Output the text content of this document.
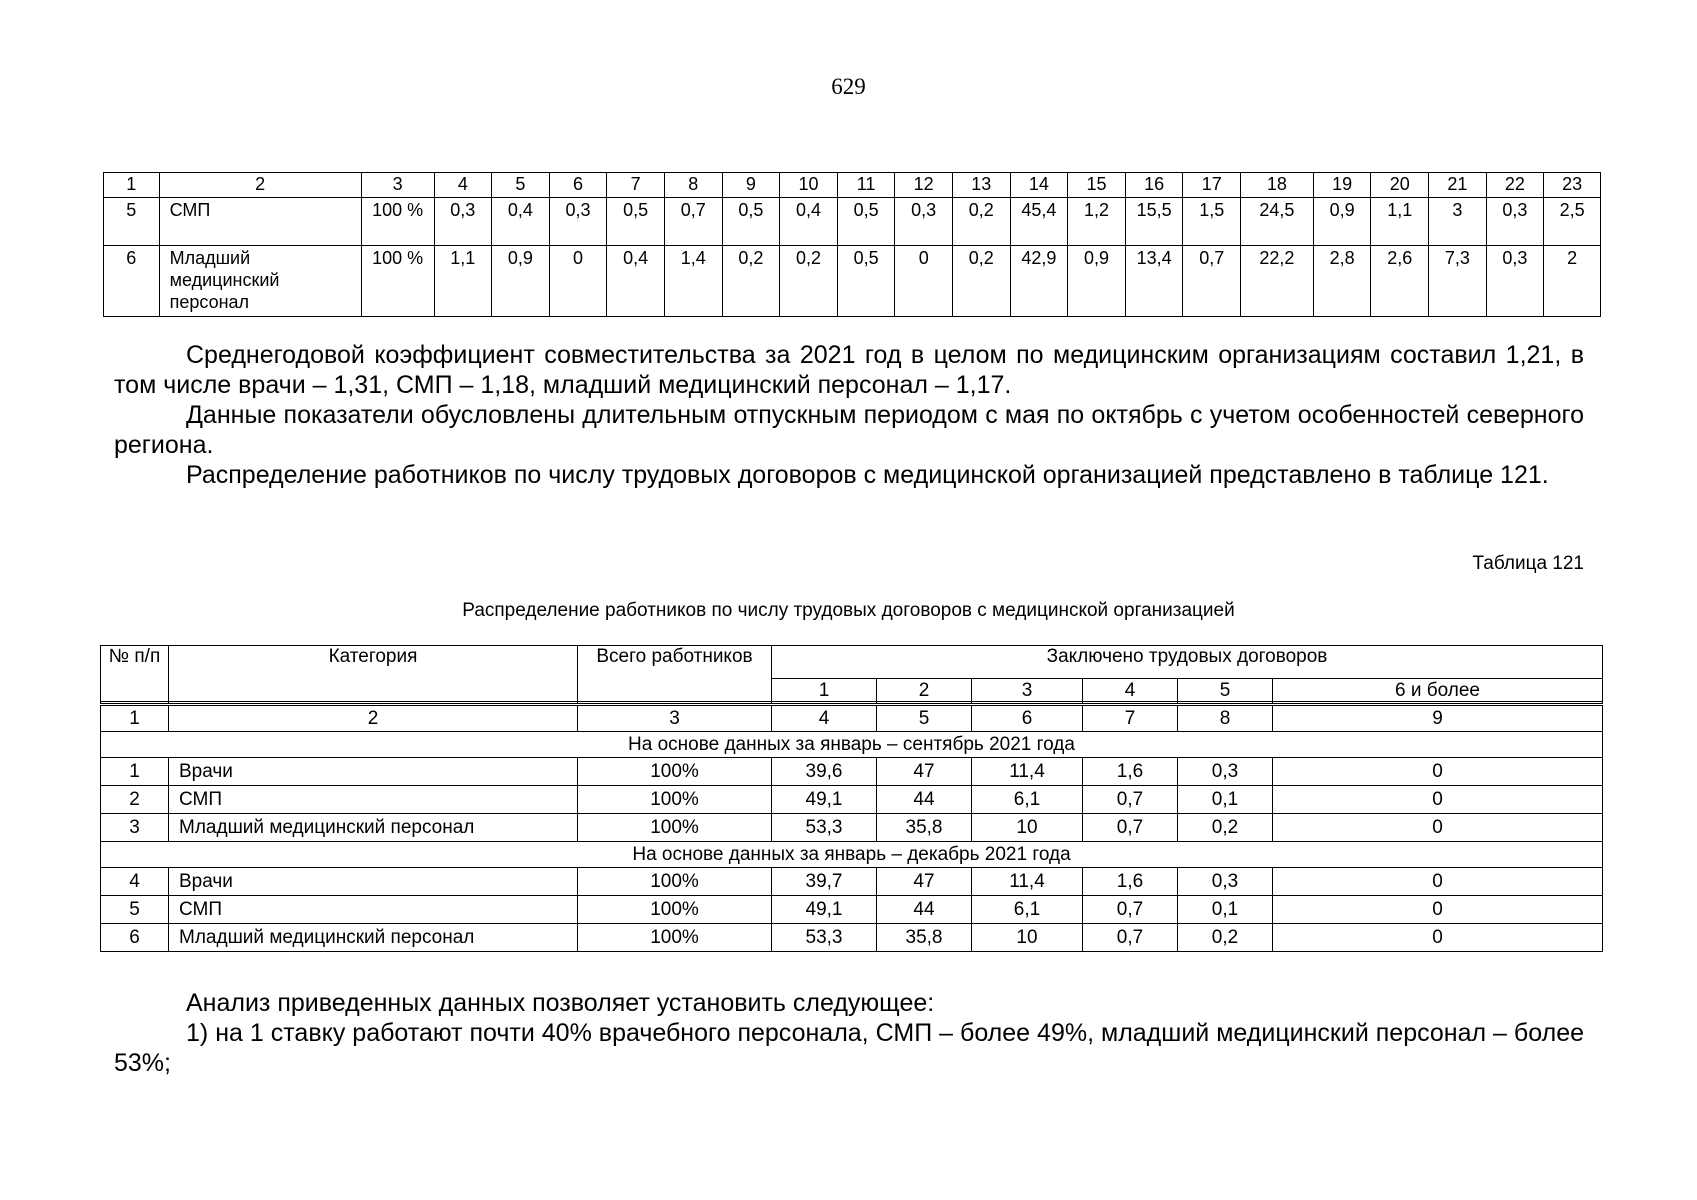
629
1	2	3	4	5	6	7	8	9	10	11	12	13	14	15	16	17	18	19	20	21	22	23
5	СМП	100 %	0,3	0,4	0,3	0,5	0,7	0,5	0,4	0,5	0,3	0,2	45,4	1,2	15,5	1,5	24,5	0,9	1,1	3	0,3	2,5
6	Младший медицинский персонал	100 %	1,1	0,9	0	0,4	1,4	0,2	0,2	0,5	0	0,2	42,9	0,9	13,4	0,7	22,2	2,8	2,6	7,3	0,3	2

Среднегодовой коэффициент совместительства за 2021 год в целом по медицинским организациям составил 1,21, в том числе врачи – 1,31, СМП – 1,18, младший медицинский персонал – 1,17.

Данные показатели обусловлены длительным отпускным периодом с мая по октябрь с учетом особенностей северного региона.

Распределение работников по числу трудовых договоров с медицинской организацией представлено в таблице 121.

Таблица 121
Распределение работников по числу трудовых договоров с медицинской организацией
№ п/п	Категория	Всего работников	Заключено трудовых договоров					
			1	2	3	4	5	6 и более
1	2	3	4	5	6	7	8	9
На основе данных за январь – сентябрь 2021 года								
1	Врачи	100%	39,6	47	11,4	1,6	0,3	0
2	СМП	100%	49,1	44	6,1	0,7	0,1	0
3	Младший медицинский персонал	100%	53,3	35,8	10	0,7	0,2	0
На основе данных за январь – декабрь 2021 года								
4	Врачи	100%	39,7	47	11,4	1,6	0,3	0
5	СМП	100%	49,1	44	6,1	0,7	0,1	0
6	Младший медицинский персонал	100%	53,3	35,8	10	0,7	0,2	0

Анализ приведенных данных позволяет установить следующее:

1) на 1 ставку работают почти 40% врачебного персонала, СМП – более 49%, младший медицинский персонал – более 53%;
